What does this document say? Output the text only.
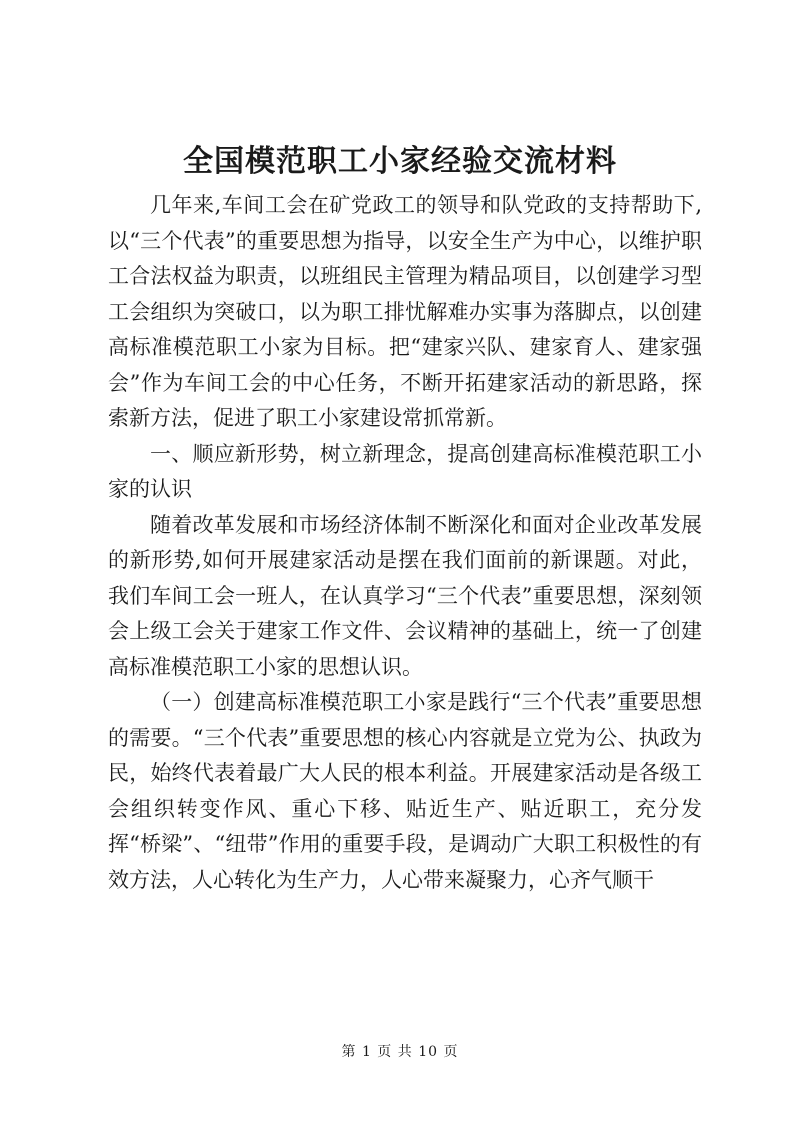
全国模范职工小家经验交流材料

几年来,车间工会在矿党政工的领导和队党政的支持帮助下,以“三个代表”的重要思想为指导，以安全生产为中心，以维护职工合法权益为职责，以班组民主管理为精品项目，以创建学习型工会组织为突破口，以为职工排忧解难办实事为落脚点，以创建高标准模范职工小家为目标。把“建家兴队、建家育人、建家强会”作为车间工会的中心任务，不断开拓建家活动的新思路，探索新方法，促进了职工小家建设常抓常新。

一、顺应新形势，树立新理念，提高创建高标准模范职工小家的认识

随着改革发展和市场经济体制不断深化和面对企业改革发展的新形势,如何开展建家活动是摆在我们面前的新课题。对此，我们车间工会一班人，在认真学习“三个代表”重要思想，深刻领会上级工会关于建家工作文件、会议精神的基础上，统一了创建高标准模范职工小家的思想认识。

（一）创建高标准模范职工小家是践行“三个代表”重要思想的需要。“三个代表”重要思想的核心内容就是立党为公、执政为民，始终代表着最广大人民的根本利益。开展建家活动是各级工会组织转变作风、重心下移、贴近生产、贴近职工，充分发挥“桥梁”、“纽带”作用的重要手段，是调动广大职工积极性的有效方法，人心转化为生产力，人心带来凝聚力，心齐气顺干

第 1 页 共 10 页
